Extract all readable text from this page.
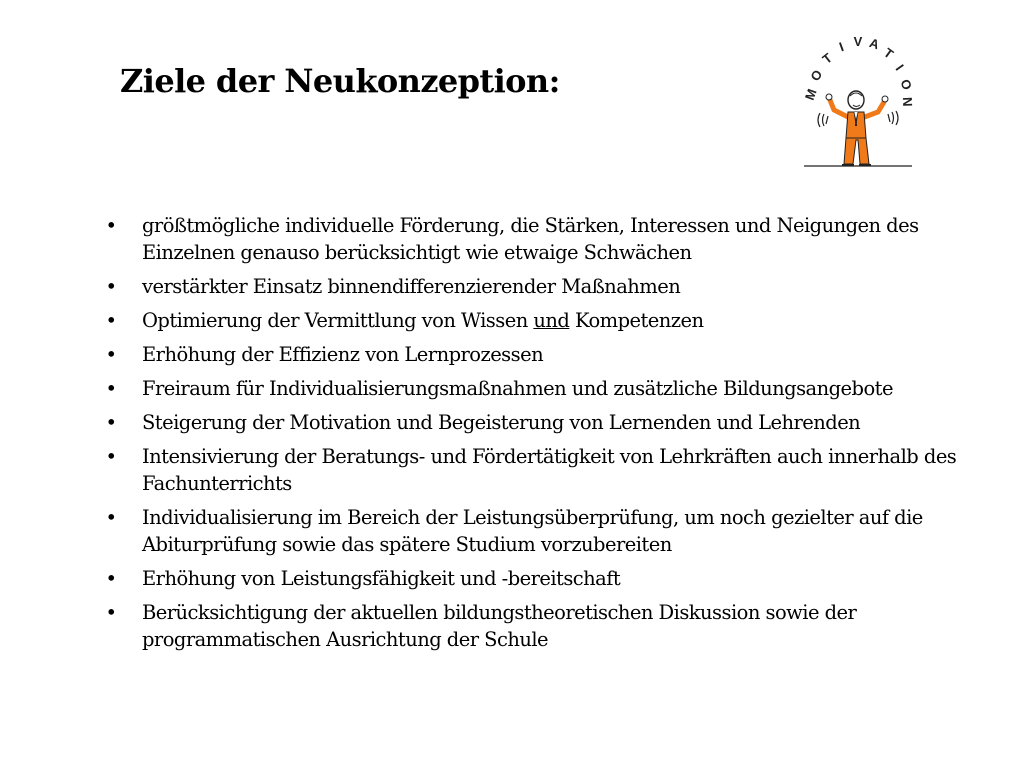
Ziele der Neukonzeption:	M
O
T
I V A
T
I
O
N
• größtmögliche individuelle Förderung, die Stärken, Interessen und Neigungen des Einzelnen genauso berücksichtigt wie etwaige Schwächen
• verstärkter Einsatz binnendifferenzierender Maßnahmen
• Optimierung der Vermittlung von Wissen und Kompetenzen
• Erhöhung der Effizienz von Lernprozessen
• Freiraum für Individualisierungsmaßnahmen und zusätzliche Bildungsangebote
• Steigerung der Motivation und Begeisterung von Lernenden und Lehrenden
• Intensivierung der Beratungs- und Fördertätigkeit von Lehrkräften auch innerhalb des Fachunterrichts
• Individualisierung im Bereich der Leistungsüberprüfung, um noch gezielter auf die Abiturprüfung sowie das spätere Studium vorzubereiten
• Erhöhung von Leistungsfähigkeit und -bereitschaft
• Berücksichtigung der aktuellen bildungstheoretischen Diskussion sowie der programmatischen Ausrichtung der Schule
